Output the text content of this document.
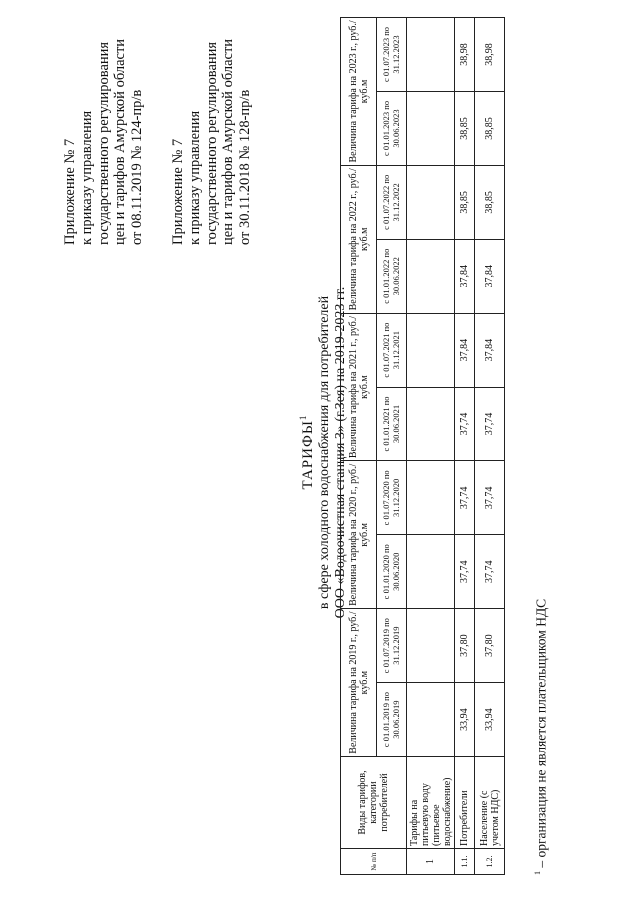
Приложение № 7 к приказу управления государственного регулирования цен и тарифов Амурской области от 08.11.2019 № 124-пр/в Приложение № 7 к приказу управления государственного регулирования цен и тарифов Амурской области от 30.11.2018 № 128-пр/в
ТАРИФЫ$^1$ в сфере холодного водоснабжения для потребителей ООО «Водоочистная станция 3» (г.Зея) на 2019-2023 гг.
№ п/п	Виды тарифов, категории потребителей	Величина тарифа на 2019 г., руб./куб.м		Величина тарифа на 2020 г., руб./куб.м		Величина тарифа на 2021 г., руб./куб.м		Величина тарифа на 2022 г., руб./куб.м		Величина тарифа на 2023 г., руб./куб.м	
		с 01.01.2019 по 30.06.2019	с 01.07.2019 по 31.12.2019	с 01.01.2020 по 30.06.2020	с 01.07.2020 по 31.12.2020	с 01.01.2021 по 30.06.2021	с 01.07.2021 по 31.12.2021	с 01.01.2022 по 30.06.2022	с 01.07.2022 по 31.12.2022	с 01.01.2023 по 30.06.2023	с 01.07.2023 по 31.12.2023
1	Тарифы на питьевую воду (питьевое водоснабжение)										
1.1.	Потребители	33,94	37,80	37,74	37,74	37,74	37,84	37,84	38,85	38,85	38,98
1.2.	Население (с учетом НДС)	33,94	37,80	37,74	37,74	37,74	37,84	37,84	38,85	38,85	38,98
$^1$ – организация не является плательщиком НДС
